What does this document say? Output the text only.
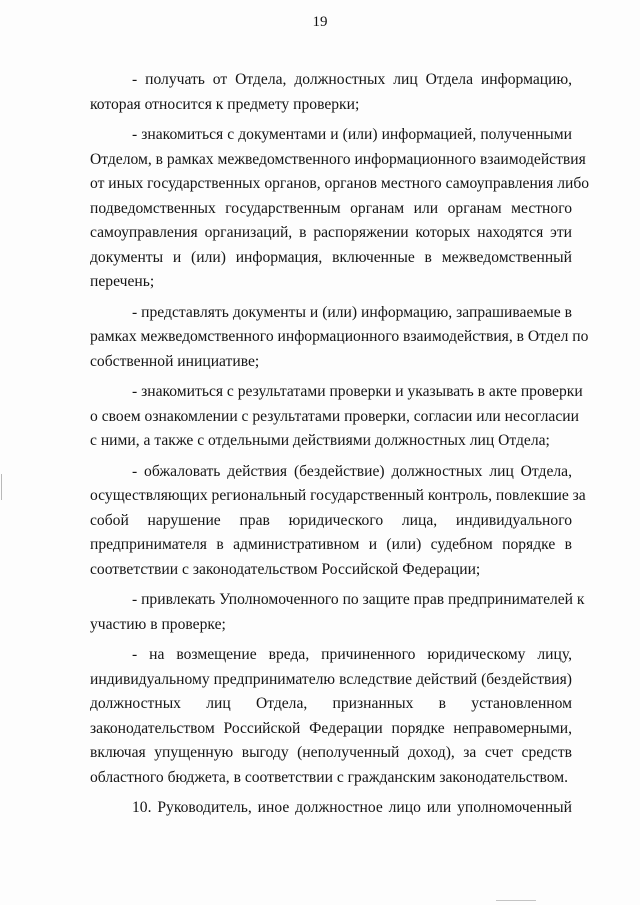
19
- получать от Отдела, должностных лиц Отдела информацию,
которая относится к предмету проверки;
- знакомиться с документами и (или) информацией, полученными
Отделом, в рамках межведомственного информационного взаимодействия
от иных государственных органов, органов местного самоуправления либо
подведомственных государственным органам или органам местного
самоуправления организаций, в распоряжении которых находятся эти
документы и (или) информация, включенные в межведомственный
перечень;
- представлять документы и (или) информацию, запрашиваемые в
рамках межведомственного информационного взаимодействия, в Отдел по
собственной инициативе;
- знакомиться с результатами проверки и указывать в акте проверки
о своем ознакомлении с результатами проверки, согласии или несогласии
с ними, а также с отдельными действиями должностных лиц Отдела;
- обжаловать действия (бездействие) должностных лиц Отдела,
осуществляющих региональный государственный контроль, повлекшие за
собой нарушение прав юридического лица, индивидуального
предпринимателя в административном и (или) судебном порядке в
соответствии с законодательством Российской Федерации;
- привлекать Уполномоченного по защите прав предпринимателей к
участию в проверке;
- на возмещение вреда, причиненного юридическому лицу,
индивидуальному предпринимателю вследствие действий (бездействия)
должностных лиц Отдела, признанных в установленном
законодательством Российской Федерации порядке неправомерными,
включая упущенную выгоду (неполученный доход), за счет средств
областного бюджета, в соответствии с гражданским законодательством.
10. Руководитель, иное должностное лицо или уполномоченный
